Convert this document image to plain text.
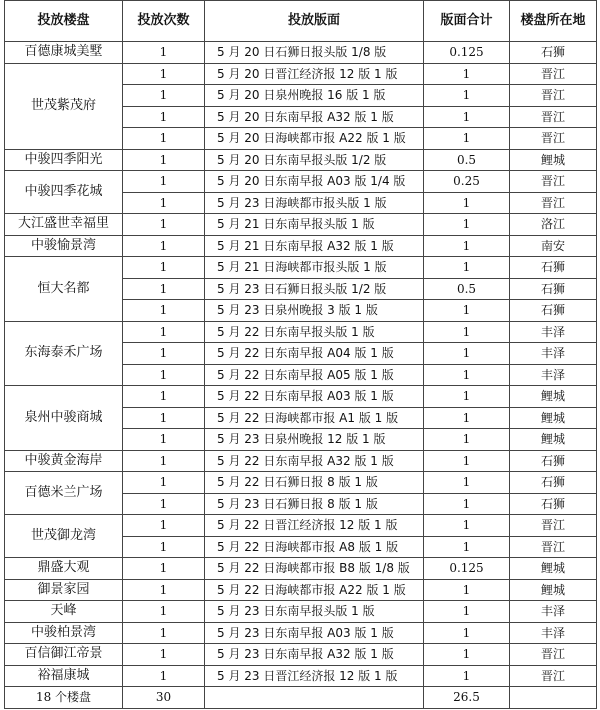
投放楼盘	投放次数	投放版面	版面合计	楼盘所在地
百德康城美墅	1	5 月 20 日石狮日报头版 1/8 版	0.125	石狮
世茂紫茂府	1	5 月 20 日晋江经济报 12 版 1 版	1	晋江
	1	5 月 20 日泉州晚报 16 版 1 版	1	晋江
	1	5 月 20 日东南早报 A32 版 1 版	1	晋江
	1	5 月 20 日海峡都市报 A22 版 1 版	1	晋江
中骏四季阳光	1	5 月 20 日东南早报头版 1/2 版	0.5	鲤城
中骏四季花城	1	5 月 20 日东南早报 A03 版 1/4 版	0.25	晋江
	1	5 月 23 日海峡都市报头版 1 版	1	晋江
大江盛世幸福里	1	5 月 21 日东南早报头版 1 版	1	洛江
中骏愉景湾	1	5 月 21 日东南早报 A32 版 1 版	1	南安
恒大名都	1	5 月 21 日海峡都市报头版 1 版	1	石狮
	1	5 月 23 日石狮日报头版 1/2 版	0.5	石狮
	1	5 月 23 日泉州晚报 3 版 1 版	1	石狮
东海泰禾广场	1	5 月 22 日东南早报头版 1 版	1	丰泽
	1	5 月 22 日东南早报 A04 版 1 版	1	丰泽
	1	5 月 22 日东南早报 A05 版 1 版	1	丰泽
泉州中骏商城	1	5 月 22 日东南早报 A03 版 1 版	1	鲤城
	1	5 月 22 日海峡都市报 A1 版 1 版	1	鲤城
	1	5 月 23 日泉州晚报 12 版 1 版	1	鲤城
中骏黄金海岸	1	5 月 22 日东南早报 A32 版 1 版	1	石狮
百德米兰广场	1	5 月 22 日石狮日报 8 版 1 版	1	石狮
	1	5 月 23 日石狮日报 8 版 1 版	1	石狮
世茂御龙湾	1	5 月 22 日晋江经济报 12 版 1 版	1	晋江
	1	5 月 22 日海峡都市报 A8 版 1 版	1	晋江
鼎盛大观	1	5 月 22 日海峡都市报 B8 版 1/8 版	0.125	鲤城
御景家园	1	5 月 22 日海峡都市报 A22 版 1 版	1	鲤城
天峰	1	5 月 23 日东南早报头版 1 版	1	丰泽
中骏柏景湾	1	5 月 23 日东南早报 A03 版 1 版	1	丰泽
百信御江帝景	1	5 月 23 日东南早报 A32 版 1 版	1	晋江
裕福康城	1	5 月 23 日晋江经济报 12 版 1 版	1	晋江
18 个楼盘	30		26.5	
